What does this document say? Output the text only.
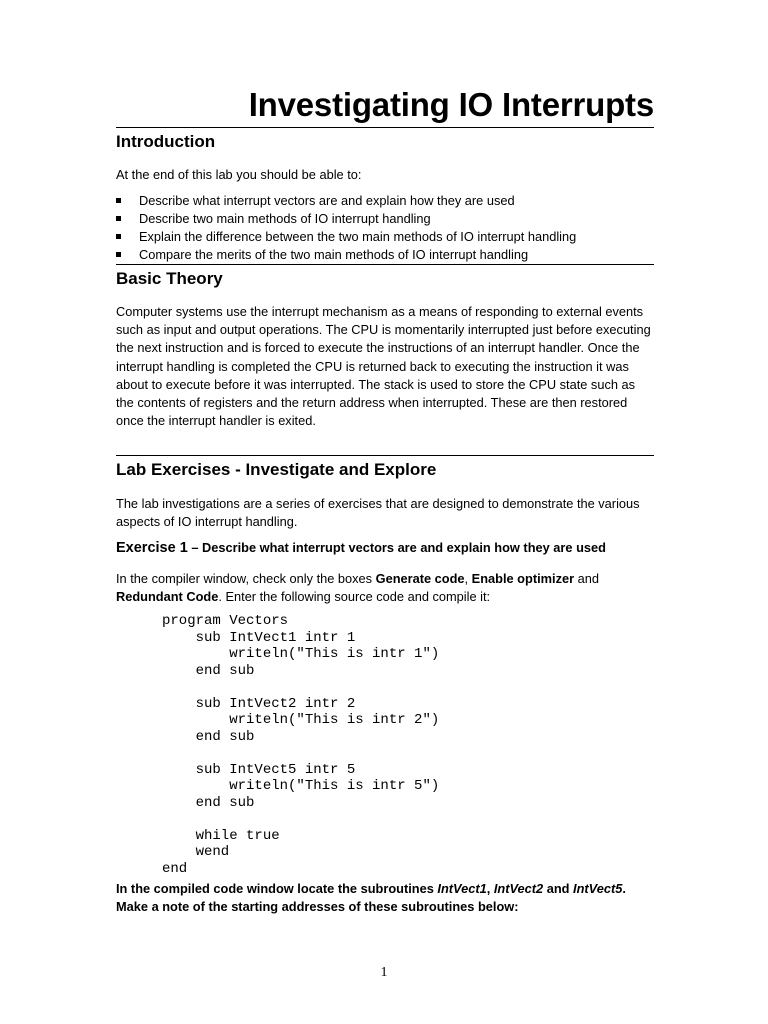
Investigating IO Interrupts
Introduction

At the end of this lab you should be able to:

Describe what interrupt vectors are and explain how they are used
Describe two main methods of IO interrupt handling
Explain the difference between the two main methods of IO interrupt handling
Compare the merits of the two main methods of IO interrupt handling
Basic Theory

Computer systems use the interrupt mechanism as a means of responding to external events such as input and output operations. The CPU is momentarily interrupted just before executing the next instruction and is forced to execute the instructions of an interrupt handler. Once the interrupt handling is completed the CPU is returned back to executing the instruction it was about to execute before it was interrupted. The stack is used to store the CPU state such as the contents of registers and the return address when interrupted. These are then restored once the interrupt handler is exited.

Lab Exercises - Investigate and Explore

The lab investigations are a series of exercises that are designed to demonstrate the various aspects of IO interrupt handling.

Exercise 1 – Describe what interrupt vectors are and explain how they are used

In the compiler window, check only the boxes Generate code, Enable optimizer and Redundant Code. Enter the following source code and compile it:

program Vectors
sub IntVect1 intr 1
writeln("This is intr 1")
end sub

sub IntVect2 intr 2
writeln("This is intr 2")
end sub

sub IntVect5 intr 5
writeln("This is intr 5")
end sub

while true
wend
end

In the compiled code window locate the subroutines IntVect1, IntVect2 and IntVect5. Make a note of the starting addresses of these subroutines below:

1
